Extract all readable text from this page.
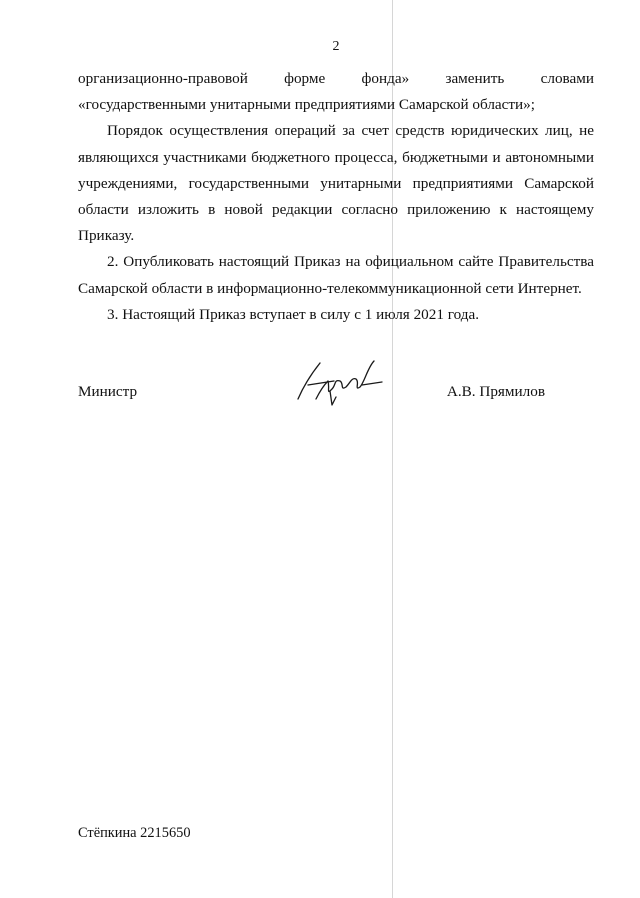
2

организационно-правовой форме фонда» заменить словами «государственными унитарными предприятиями Самарской области»;

Порядок осуществления операций за счет средств юридических лиц, не являющихся участниками бюджетного процесса, бюджетными и автономными учреждениями, государственными унитарными предприятиями Самарской области изложить в новой редакции согласно приложению к настоящему Приказу.

2. Опубликовать настоящий Приказ на официальном сайте Правительства Самарской области в информационно-телекоммуникационной сети Интернет.

3. Настоящий Приказ вступает в силу с 1 июля 2021 года.

Министр	А.В. Прямилов
Стёпкина 2215650
